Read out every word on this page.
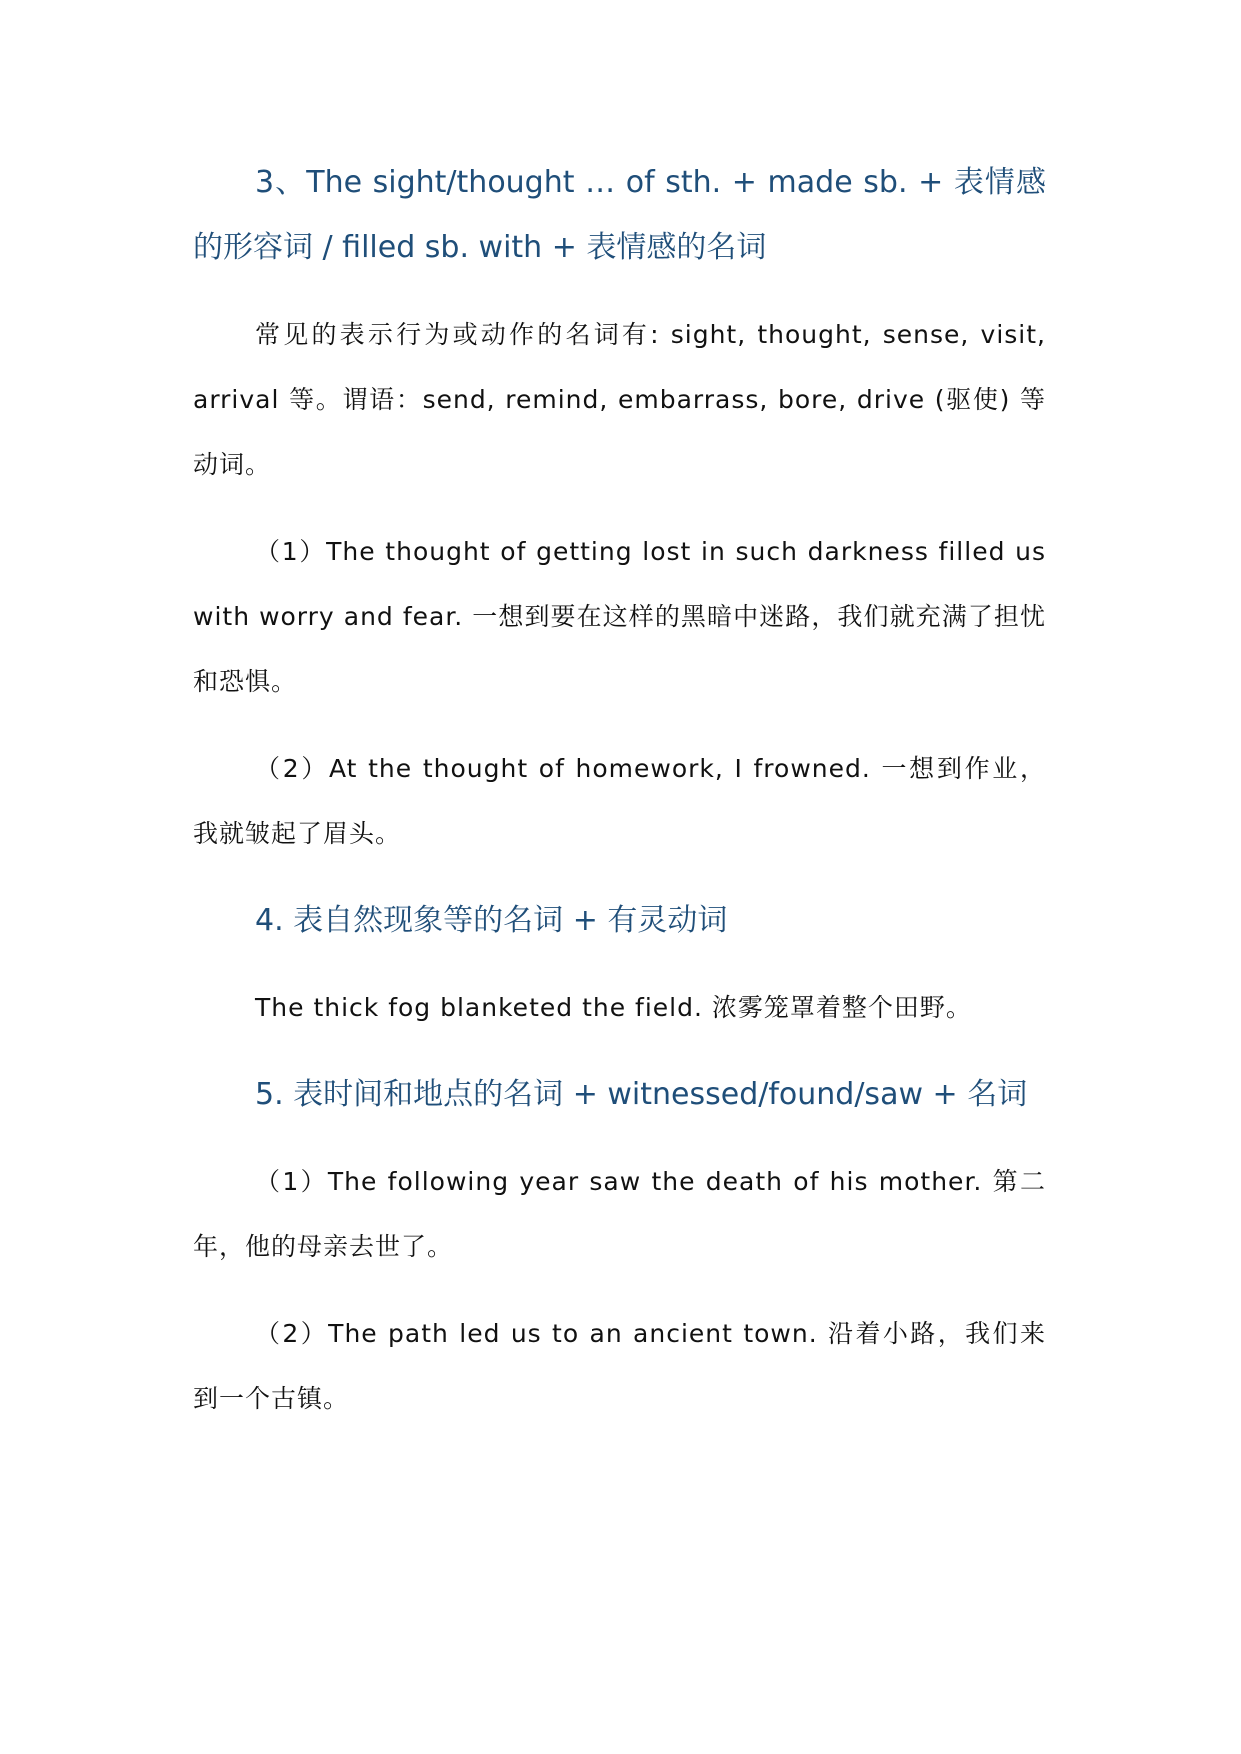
3、The sight/thought … of sth. + made sb. + 表情感的形容词 / filled sb. with + 表情感的名词

常见的表示行为或动作的名词有: sight, thought, sense, visit, arrival 等。谓语：send, remind, embarrass, bore, drive (驱使) 等动词。

（1）The thought of getting lost in such darkness filled us with worry and fear. 一想到要在这样的黑暗中迷路，我们就充满了担忧和恐惧。

（2）At the thought of homework, I frowned. 一想到作业，我就皱起了眉头。

4. 表自然现象等的名词 + 有灵动词

The thick fog blanketed the field. 浓雾笼罩着整个田野。

5. 表时间和地点的名词 + witnessed/found/saw + 名词

（1）The following year saw the death of his mother. 第二年，他的母亲去世了。

（2）The path led us to an ancient town. 沿着小路，我们来到一个古镇。
